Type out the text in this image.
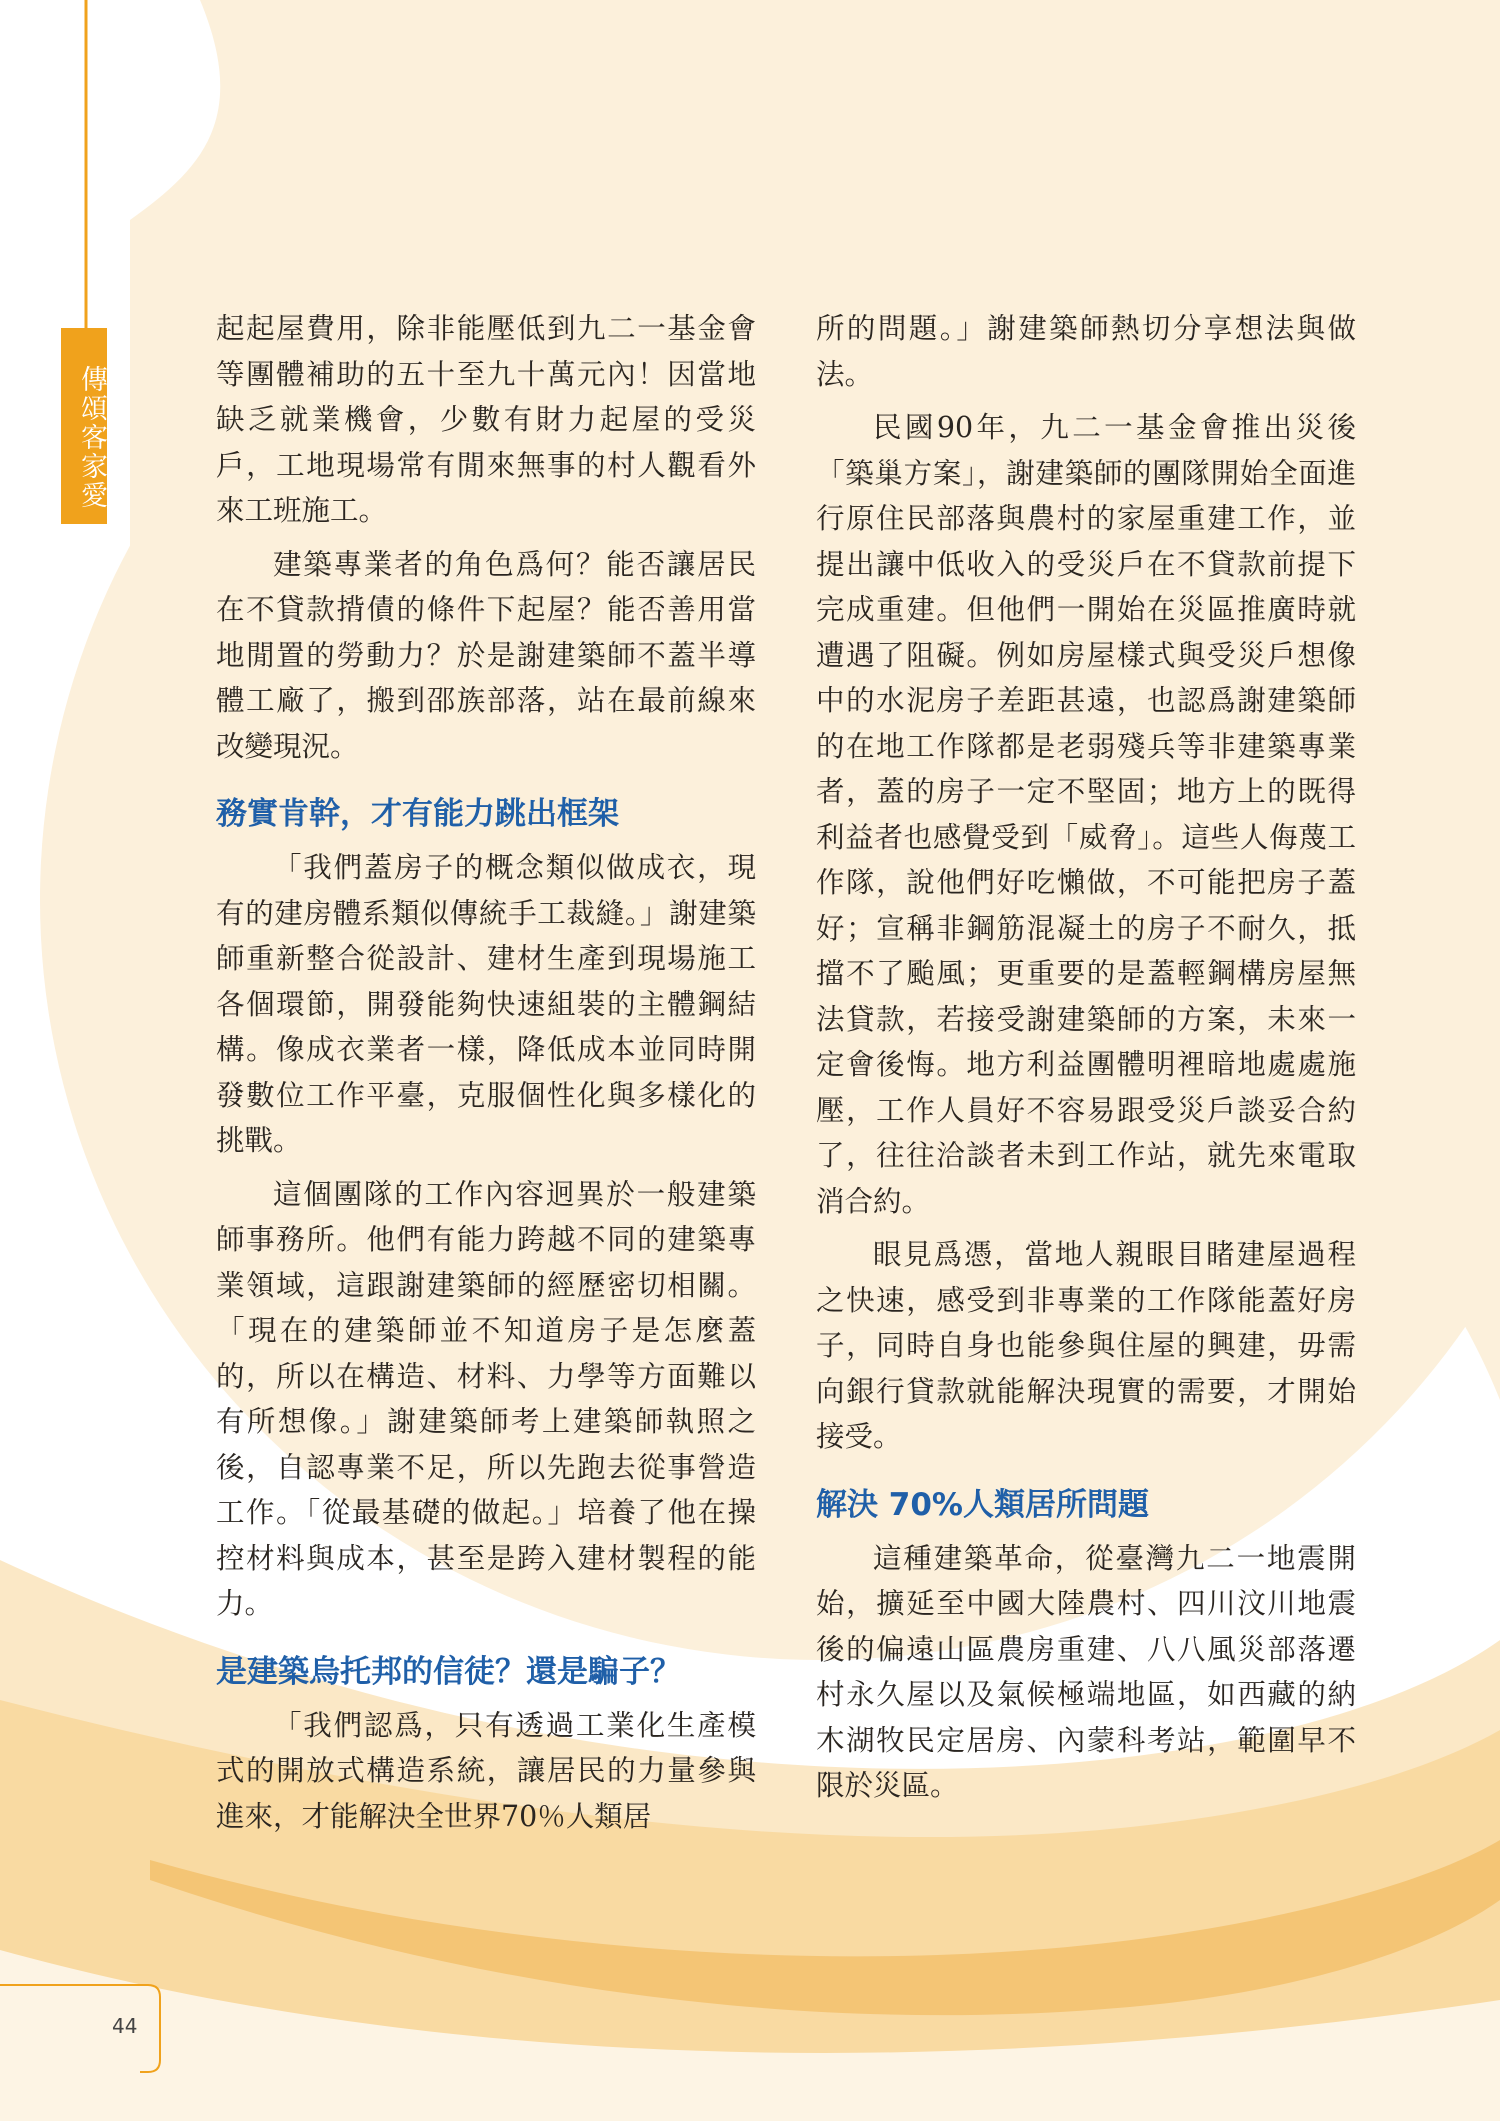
傳頌客家愛

起起屋費用，除非能壓低到九二一基金會等團體補助的五十至九十萬元內！因當地缺乏就業機會，少數有財力起屋的受災戶，工地現場常有閒來無事的村人觀看外來工班施工。

建築專業者的角色爲何？能否讓居民在不貸款揹債的條件下起屋？能否善用當地閒置的勞動力？於是謝建築師不蓋半導體工廠了，搬到邵族部落，站在最前線來改變現況。

務實肯幹，才有能力跳出框架

「我們蓋房子的概念類似做成衣，現有的建房體系類似傳統手工裁縫。」謝建築師重新整合從設計、建材生產到現場施工各個環節，開發能夠快速組裝的主體鋼結構。像成衣業者一樣，降低成本並同時開發數位工作平臺，克服個性化與多樣化的挑戰。

這個團隊的工作內容迥異於一般建築師事務所。他們有能力跨越不同的建築專業領域，這跟謝建築師的經歷密切相關。「現在的建築師並不知道房子是怎麼蓋的，所以在構造、材料、力學等方面難以有所想像。」謝建築師考上建築師執照之後，自認專業不足，所以先跑去從事營造工作。「從最基礎的做起。」培養了他在操控材料與成本，甚至是跨入建材製程的能力。

是建築烏托邦的信徒？還是騙子？

「我們認爲，只有透過工業化生產模式的開放式構造系統，讓居民的力量參與進來，才能解決全世界70％人類居

所的問題。」謝建築師熱切分享想法與做法。

民國90年，九二一基金會推出災後「築巢方案」，謝建築師的團隊開始全面進行原住民部落與農村的家屋重建工作，並提出讓中低收入的受災戶在不貸款前提下完成重建。但他們一開始在災區推廣時就遭遇了阻礙。例如房屋樣式與受災戶想像中的水泥房子差距甚遠，也認爲謝建築師的在地工作隊都是老弱殘兵等非建築專業者，蓋的房子一定不堅固；地方上的既得利益者也感覺受到「威脅」。這些人侮蔑工作隊，說他們好吃懶做，不可能把房子蓋好；宣稱非鋼筋混凝土的房子不耐久，抵擋不了颱風；更重要的是蓋輕鋼構房屋無法貸款，若接受謝建築師的方案，未來一定會後悔。地方利益團體明裡暗地處處施壓，工作人員好不容易跟受災戶談妥合約了，往往洽談者未到工作站，就先來電取消合約。

眼見爲憑，當地人親眼目睹建屋過程之快速，感受到非專業的工作隊能蓋好房子，同時自身也能參與住屋的興建，毋需向銀行貸款就能解決現實的需要，才開始接受。

解決 70%人類居所問題

這種建築革命，從臺灣九二一地震開始，擴延至中國大陸農村、四川汶川地震後的偏遠山區農房重建、八八風災部落遷村永久屋以及氣候極端地區，如西藏的納木湖牧民定居房、內蒙科考站，範圍早不限於災區。

44
